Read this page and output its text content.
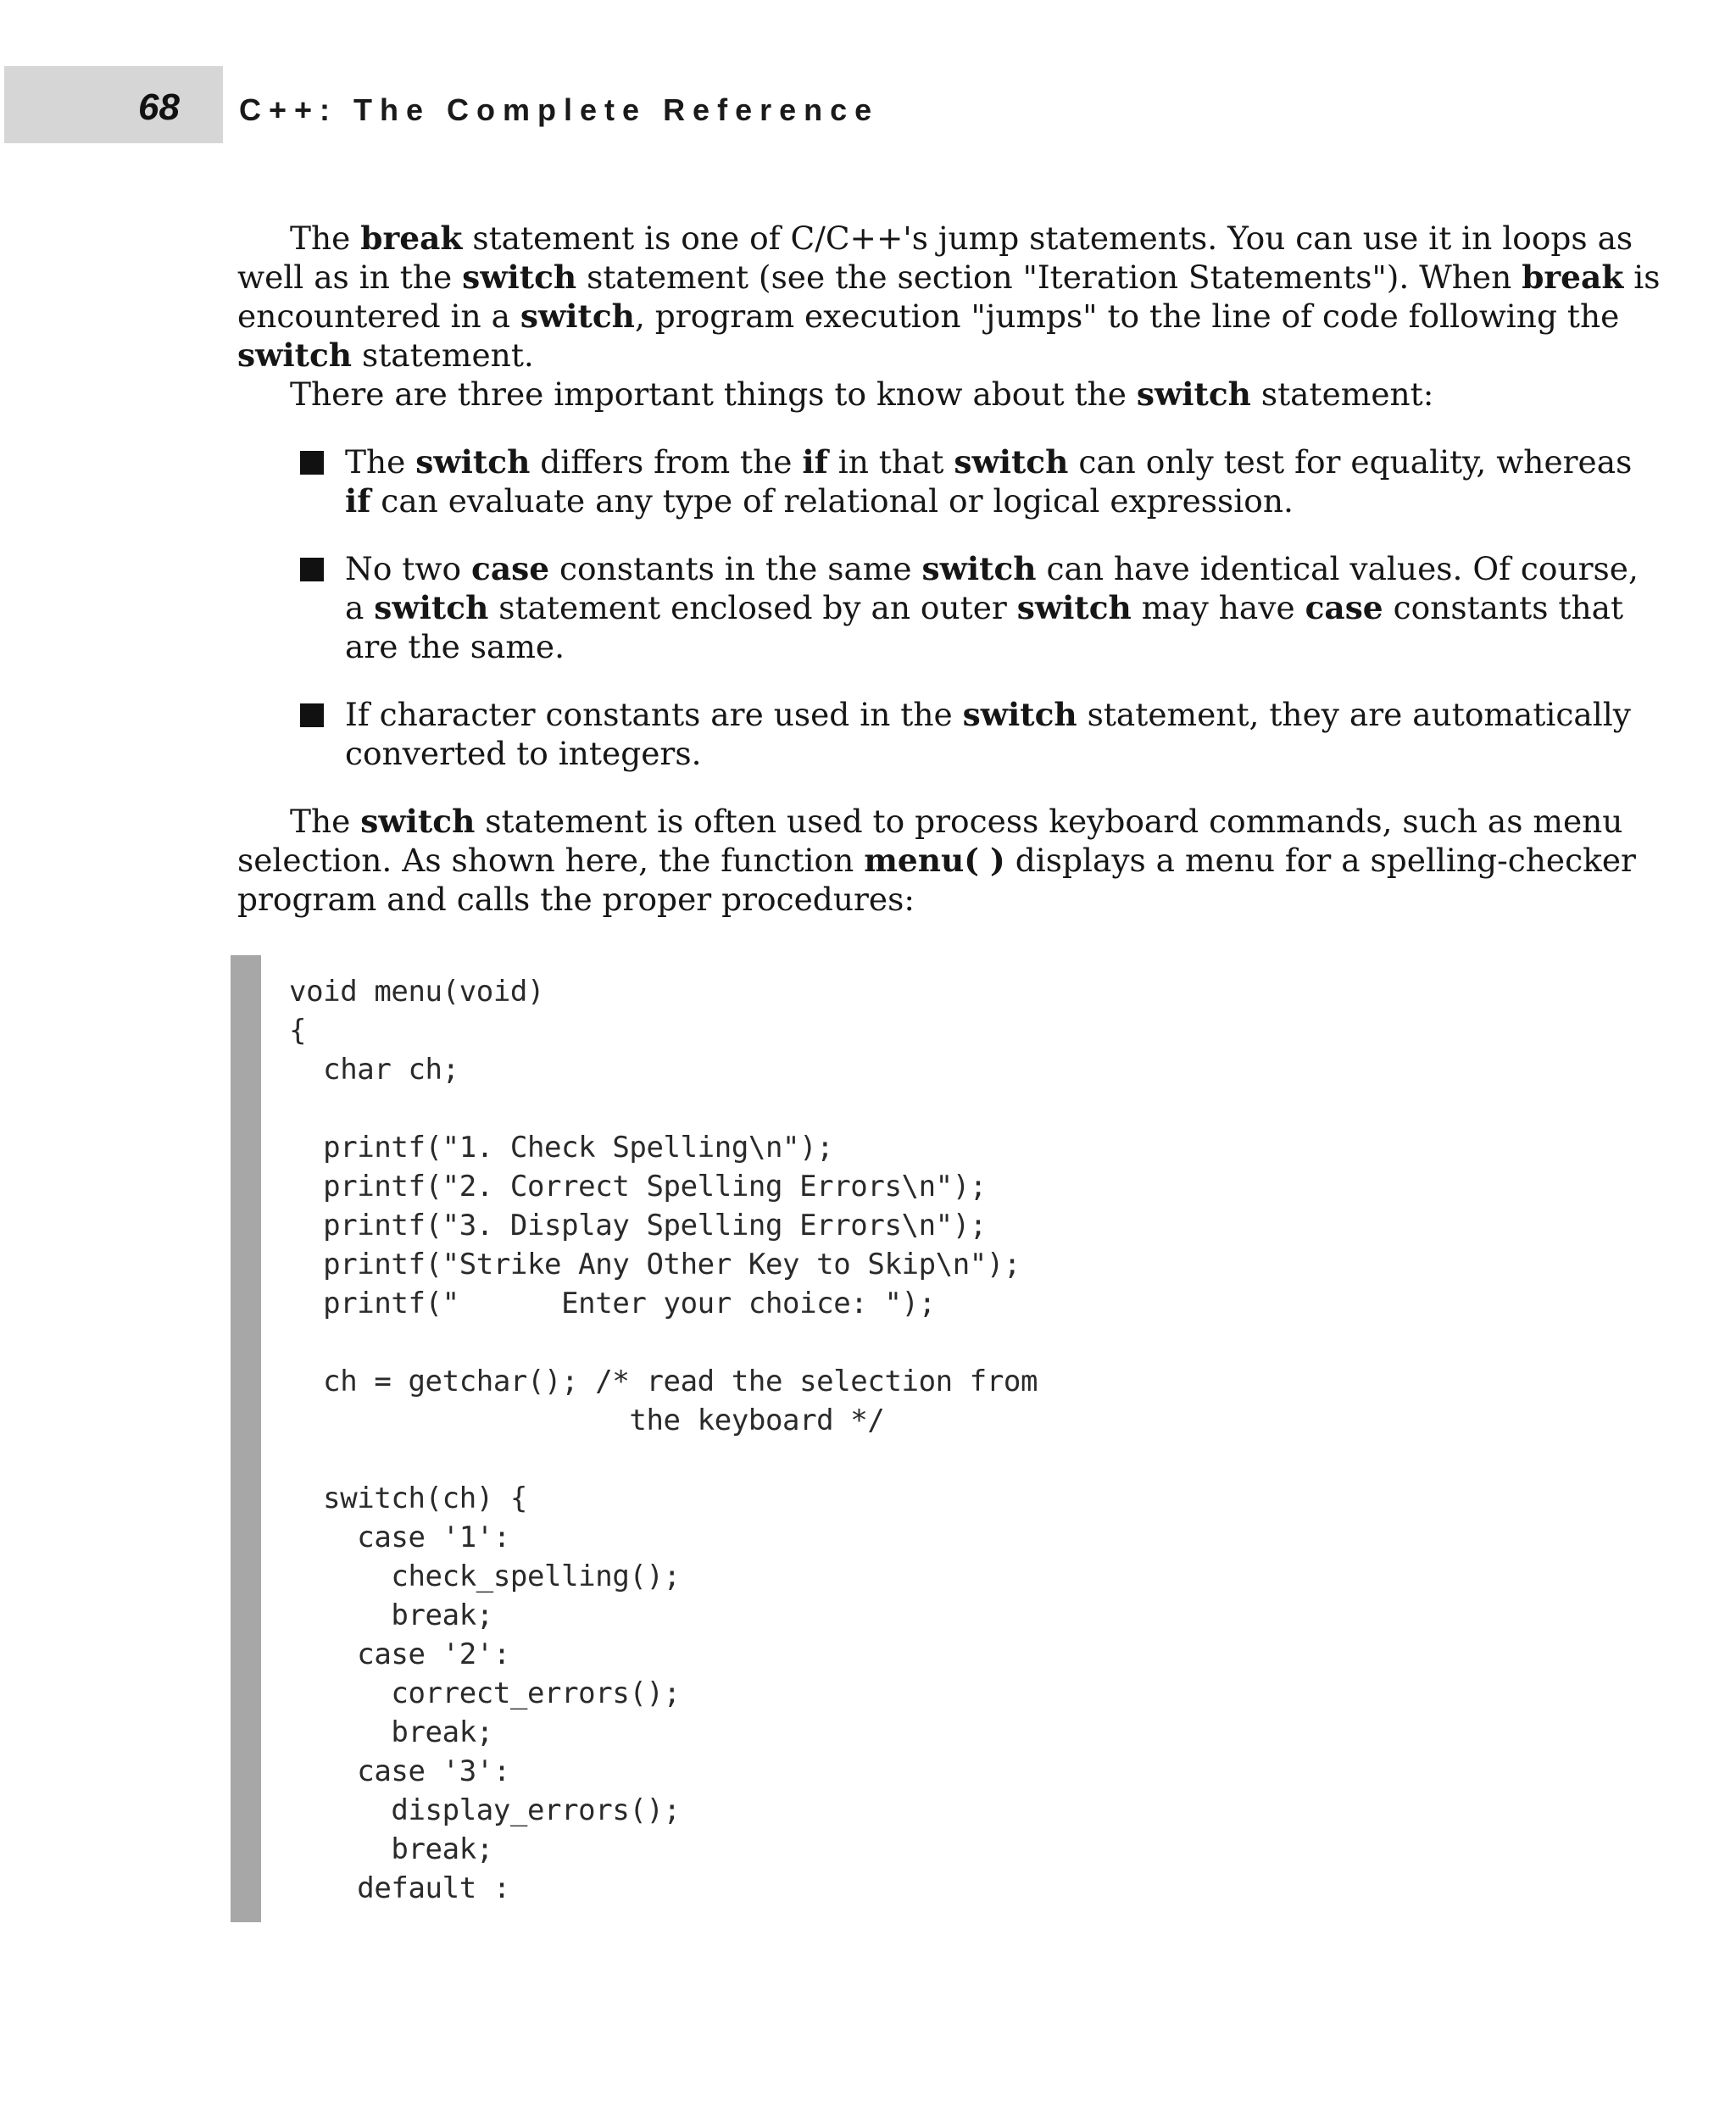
68 C++: The Complete Reference

The break statement is one of C/C++'s jump statements. You can use it in loops as
well as in the switch statement (see the section "Iteration Statements"). When break is
encountered in a switch, program execution "jumps" to the line of code following the
switch statement.

There are three important things to know about the switch statement:

The switch differs from the if in that switch can only test for equality, whereas
if can evaluate any type of relational or logical expression.
No two case constants in the same switch can have identical values. Of course,
a switch statement enclosed by an outer switch may have case constants that
are the same.
If character constants are used in the switch statement, they are automatically
converted to integers.

The switch statement is often used to process keyboard commands, such as menu
selection. As shown here, the function menu( ) displays a menu for a spelling-checker
program and calls the proper procedures:

void menu(void)
{
char ch;
printf("1. Check Spelling\n");
printf("2. Correct Spelling Errors\n");
printf("3. Display Spelling Errors\n");
printf("Strike Any Other Key to Skip\n");
printf("      Enter your choice: ");
ch = getchar(); /* read the selection from
the keyboard */
switch(ch) {
case '1':
check_spelling();
break;
case '2':
correct_errors();
break;
case '3':
display_errors();
break;
default :
